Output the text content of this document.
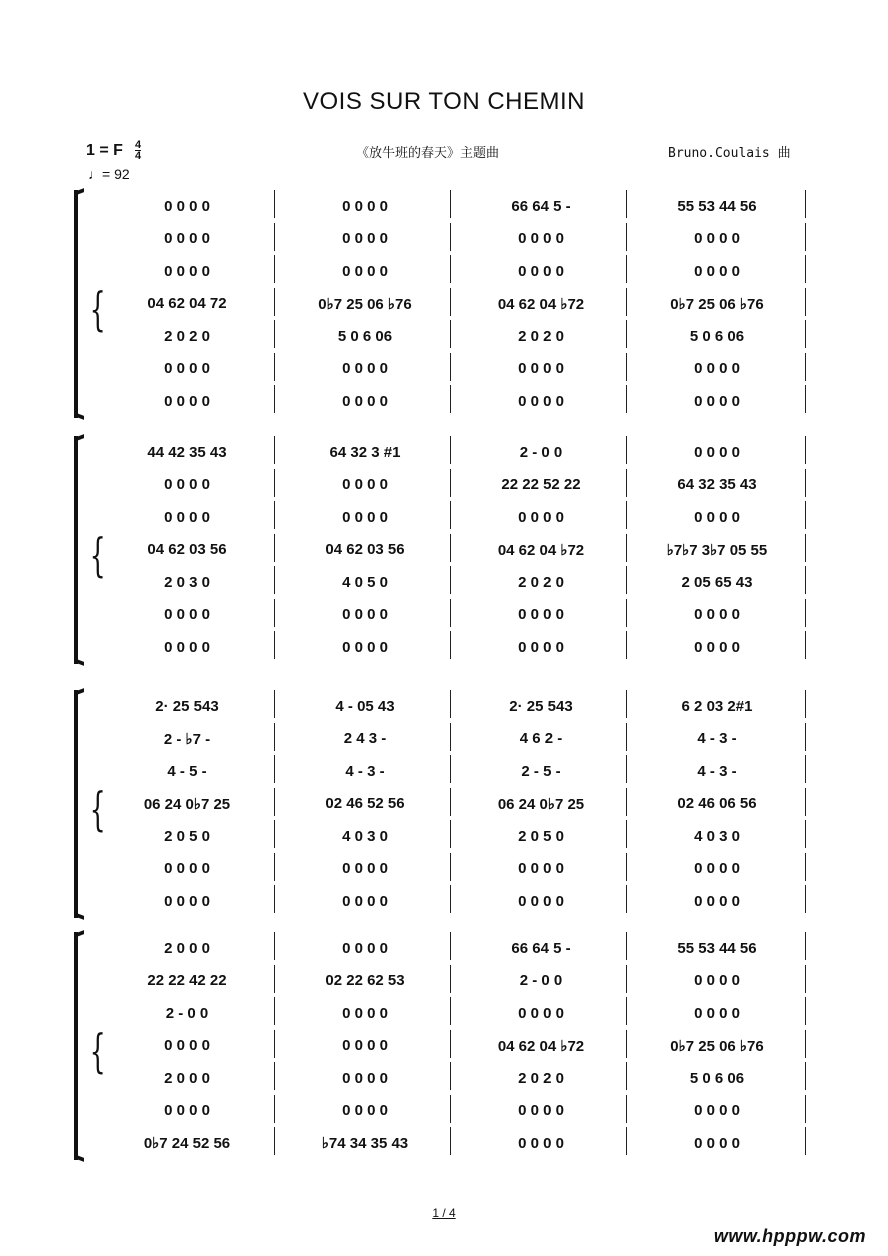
VOIS SUR TON CHEMIN
1 = F 4
4
♩= 92
《放牛班的春天》主题曲	Bruno.Coulais 曲
{
0 0 0 0	0 0 0 0	66 64 5 -	55 53 44 56
0 0 0 0	0 0 0 0	0 0 0 0	0 0 0 0
0 0 0 0	0 0 0 0	0 0 0 0	0 0 0 0
04 62 04 72	0♭7 25 06 ♭76	04 62 04 ♭72	0♭7 25 06 ♭76
2 0 2 0	5 0 6 06	2 0 2 0	5 0 6 06
0 0 0 0	0 0 0 0	0 0 0 0	0 0 0 0
0 0 0 0	0 0 0 0	0 0 0 0	0 0 0 0
{
44 42 35 43	64 32 3 #1	2 - 0 0	0 0 0 0
0 0 0 0	0 0 0 0	22 22 52 22	64 32 35 43
0 0 0 0	0 0 0 0	0 0 0 0	0 0 0 0
04 62 03 56	04 62 03 56	04 62 04 ♭72	♭7♭7 3♭7 05 55
2 0 3 0	4 0 5 0	2 0 2 0	2 05 65 43
0 0 0 0	0 0 0 0	0 0 0 0	0 0 0 0
0 0 0 0	0 0 0 0	0 0 0 0	0 0 0 0
{
2· 25 543	4 - 05 43	2· 25 543	6 2 03 2#1
2 - ♭7 -	2 4 3 -	4 6 2 -	4 - 3 -
4 - 5 -	4 - 3 -	2 - 5 -	4 - 3 -
06 24 0♭7 25	02 46 52 56	06 24 0♭7 25	02 46 06 56
2 0 5 0	4 0 3 0	2 0 5 0	4 0 3 0
0 0 0 0	0 0 0 0	0 0 0 0	0 0 0 0
0 0 0 0	0 0 0 0	0 0 0 0	0 0 0 0
{
2 0 0 0	0 0 0 0	66 64 5 -	55 53 44 56
22 22 42 22	02 22 62 53	2 - 0 0	0 0 0 0
2 - 0 0	0 0 0 0	0 0 0 0	0 0 0 0
0 0 0 0	0 0 0 0	04 62 04 ♭72	0♭7 25 06 ♭76
2 0 0 0	0 0 0 0	2 0 2 0	5 0 6 06
0 0 0 0	0 0 0 0	0 0 0 0	0 0 0 0
0♭7 24 52 56	♭74 34 35 43	0 0 0 0	0 0 0 0
1 / 4
www.hpppw.com
